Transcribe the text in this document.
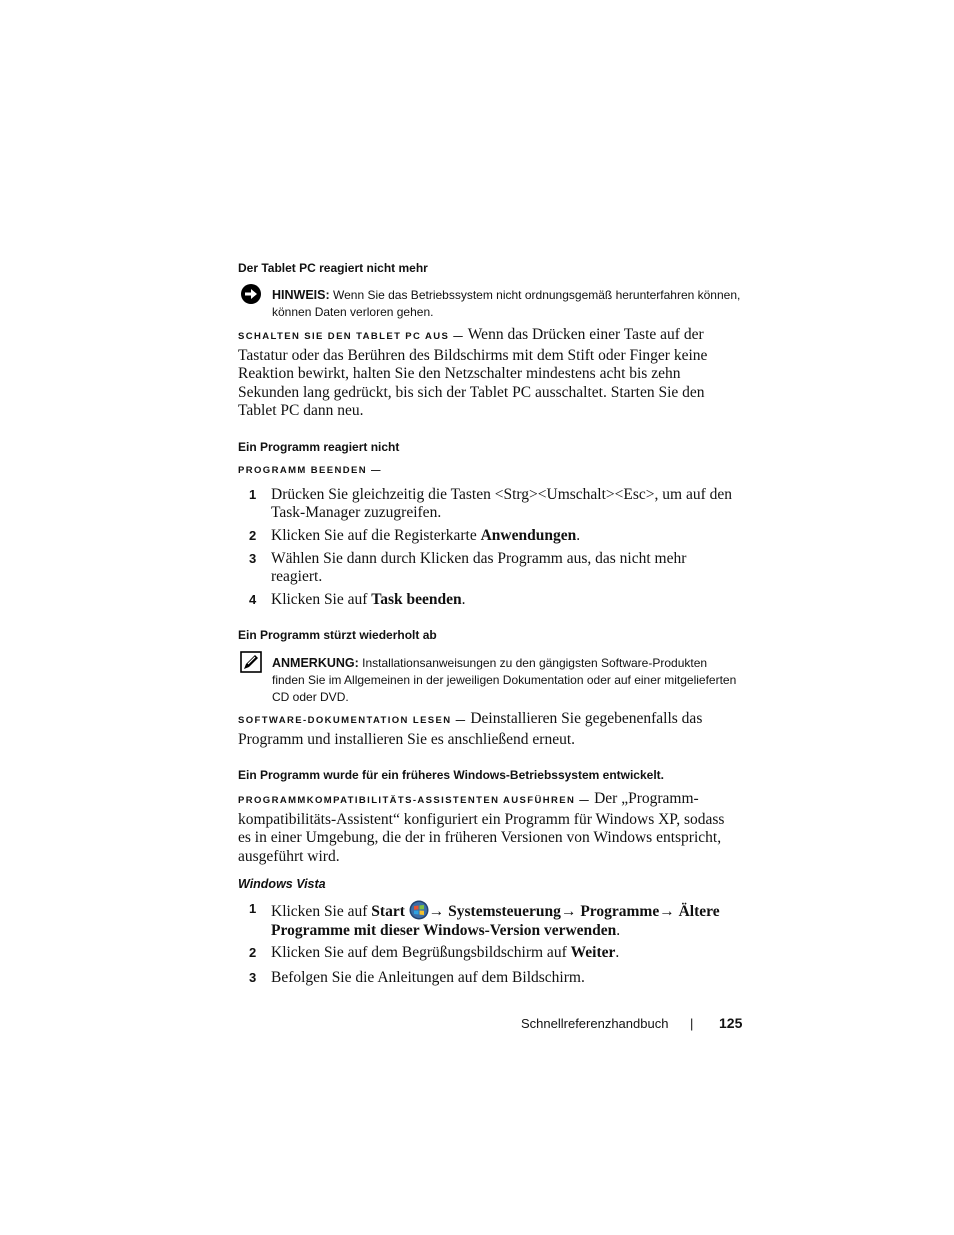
Der Tablet PC reagiert nicht mehr
HINWEIS: Wenn Sie das Betriebssystem nicht ordnungsgemäß herunterfahren können, können Daten verloren gehen.
SCHALTEN SIE DEN TABLET PC AUS — Wenn das Drücken einer Taste auf der Tastatur oder das Berühren des Bildschirms mit dem Stift oder Finger keine Reaktion bewirkt, halten Sie den Netzschalter mindestens acht bis zehn Sekunden lang gedrückt, bis sich der Tablet PC ausschaltet. Starten Sie den Tablet PC dann neu.
Ein Programm reagiert nicht
PROGRAMM BEENDEN —
1 Drücken Sie gleichzeitig die Tasten <Strg><Umschalt><Esc>, um auf den Task-Manager zuzugreifen.
2 Klicken Sie auf die Registerkarte Anwendungen.
3 Wählen Sie dann durch Klicken das Programm aus, das nicht mehr reagiert.
4 Klicken Sie auf Task beenden.
Ein Programm stürzt wiederholt ab
ANMERKUNG: Installationsanweisungen zu den gängigsten Software-Produkten finden Sie im Allgemeinen in der jeweiligen Dokumentation oder auf einer mitgelieferten CD oder DVD.
SOFTWARE-DOKUMENTATION LESEN — Deinstallieren Sie gegebenenfalls das Programm und installieren Sie es anschließend erneut.
Ein Programm wurde für ein früheres Windows-Betriebssystem entwickelt.
PROGRAMMKOMPATIBILITÄTS-ASSISTENTEN AUSFÜHREN — Der „Programm-kompatibilitäts-Assistent“ konfiguriert ein Programm für Windows XP, sodass es in einer Umgebung, die der in früheren Versionen von Windows entspricht, ausgeführt wird.
Windows Vista
1 Klicken Sie auf Start → Systemsteuerung→ Programme→ Ältere Programme mit dieser Windows-Version verwenden.
2 Klicken Sie auf dem Begrüßungsbildschirm auf Weiter.
3 Befolgen Sie die Anleitungen auf dem Bildschirm.
Schnellreferenzhandbuch | 125
